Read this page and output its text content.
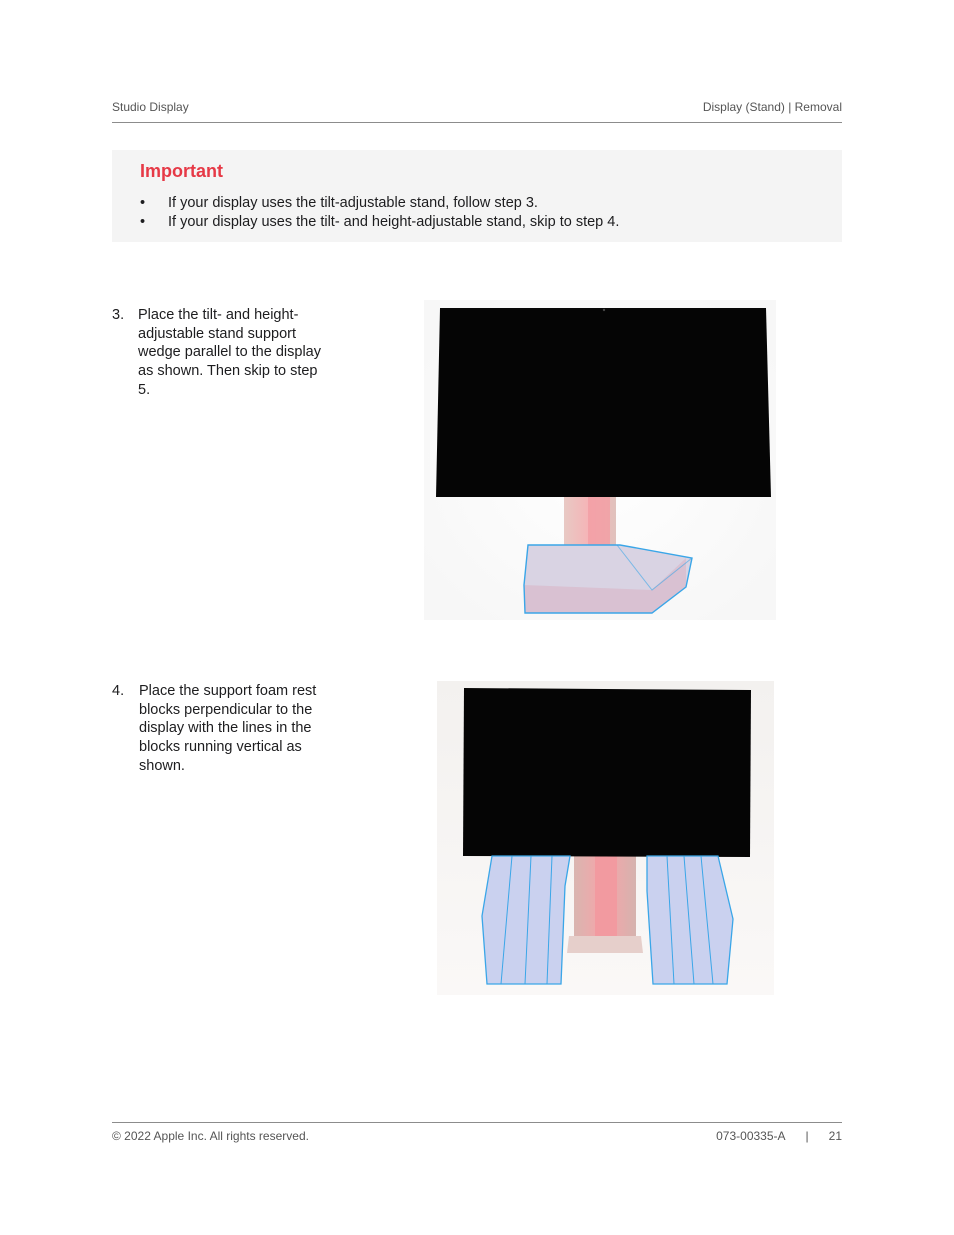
Studio Display	Display (Stand) | Removal
Important
• If your display uses the tilt-adjustable stand, follow step 3.
• If your display uses the tilt- and height-adjustable stand, skip to step 4.
3. Place the tilt- and height-adjustable stand support wedge parallel to the display as shown. Then skip to step 5.
4. Place the support foam rest blocks perpendicular to the display with the lines in the blocks running vertical as shown.
© 2022 Apple Inc. All rights reserved.	073-00335-A | 21
